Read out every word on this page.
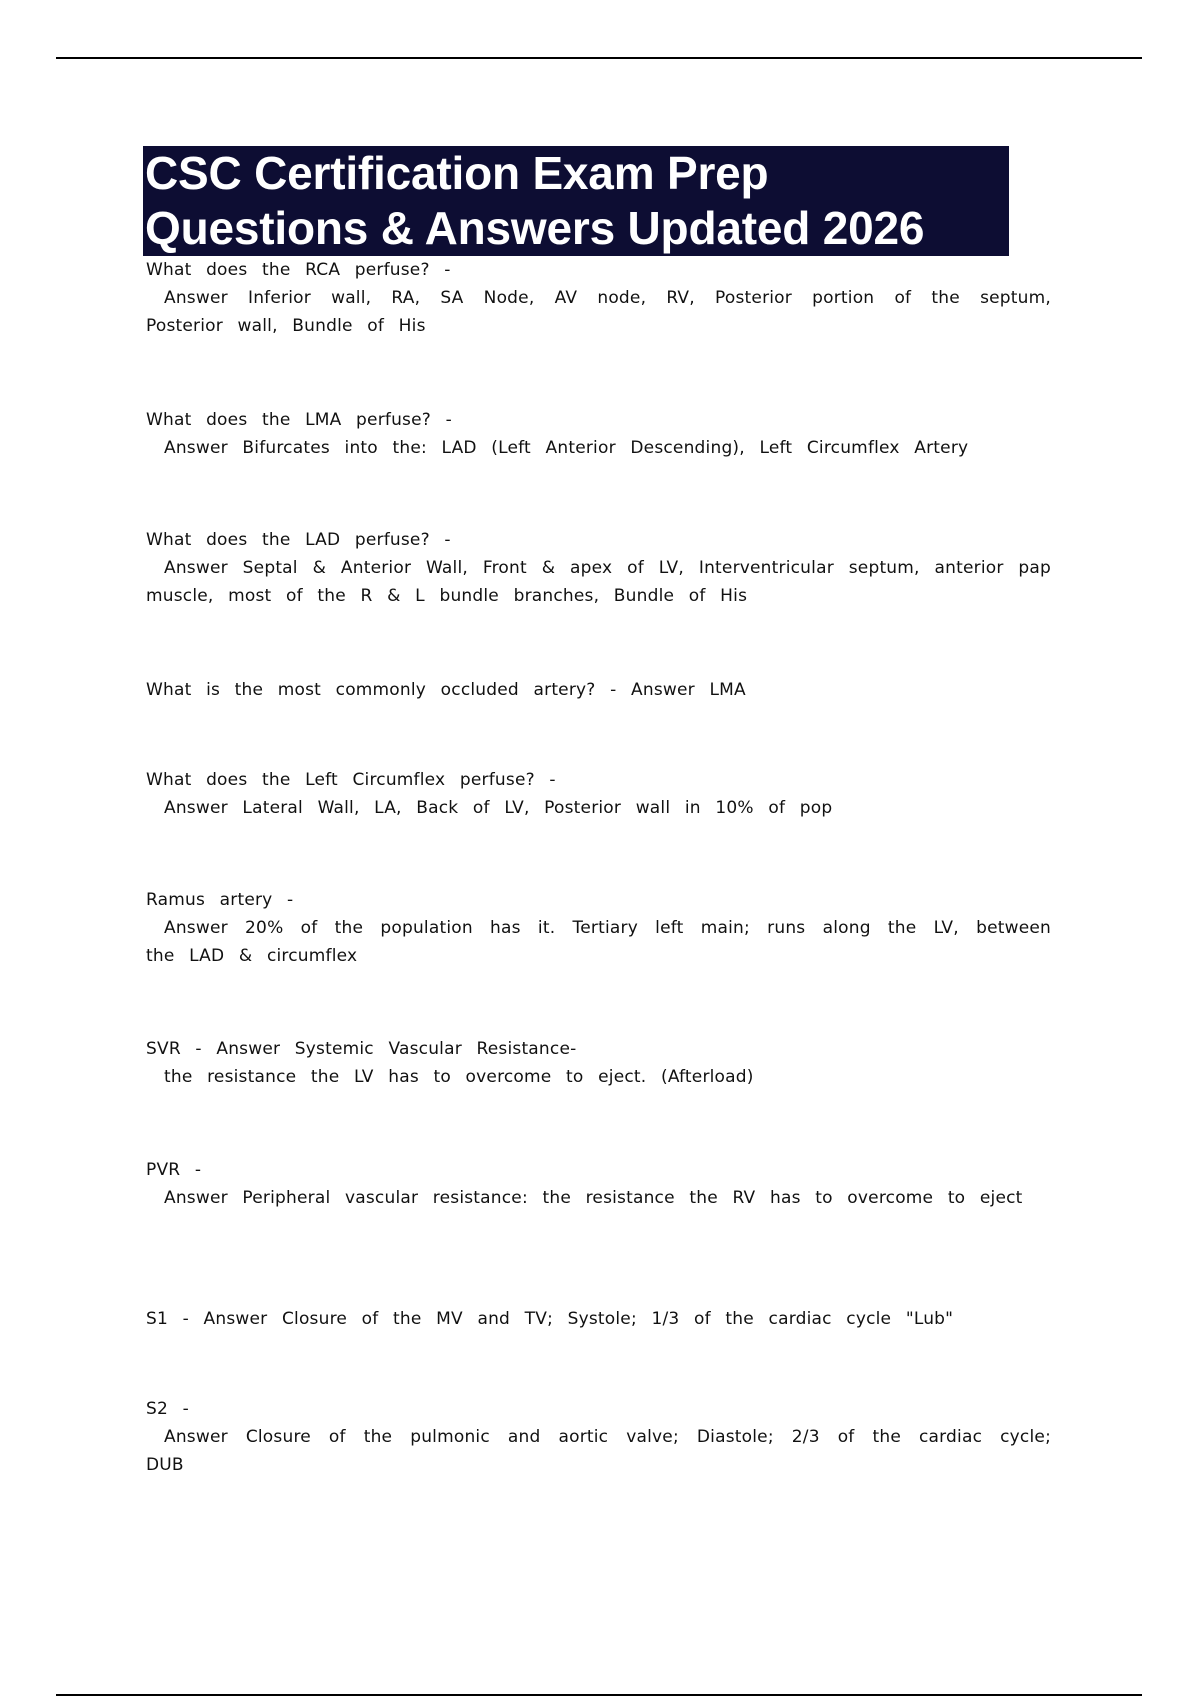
CSC Certification Exam Prep
Questions & Answers Updated 2026
What does the RCA perfuse? -
Answer Inferior wall, RA, SA Node, AV node, RV, Posterior portion of the septum, Posterior wall, Bundle of His
What does the LMA perfuse? -
Answer Bifurcates into the: LAD (Left Anterior Descending), Left Circumflex Artery
What does the LAD perfuse? -
Answer Septal & Anterior Wall, Front & apex of LV, Interventricular septum, anterior pap muscle, most of the R & L bundle branches, Bundle of His
What is the most commonly occluded artery? - Answer LMA
What does the Left Circumflex perfuse? -
Answer Lateral Wall, LA, Back of LV, Posterior wall in 10% of pop
Ramus artery -
Answer 20% of the population has it. Tertiary left main; runs along the LV, between the LAD & circumflex
SVR - Answer Systemic Vascular Resistance-
the resistance the LV has to overcome to eject. (Afterload)
PVR -
Answer Peripheral vascular resistance: the resistance the RV has to overcome to eject
S1 - Answer Closure of the MV and TV; Systole; 1/3 of the cardiac cycle "Lub"
S2 -
Answer Closure of the pulmonic and aortic valve; Diastole; 2/3 of the cardiac cycle; DUB
